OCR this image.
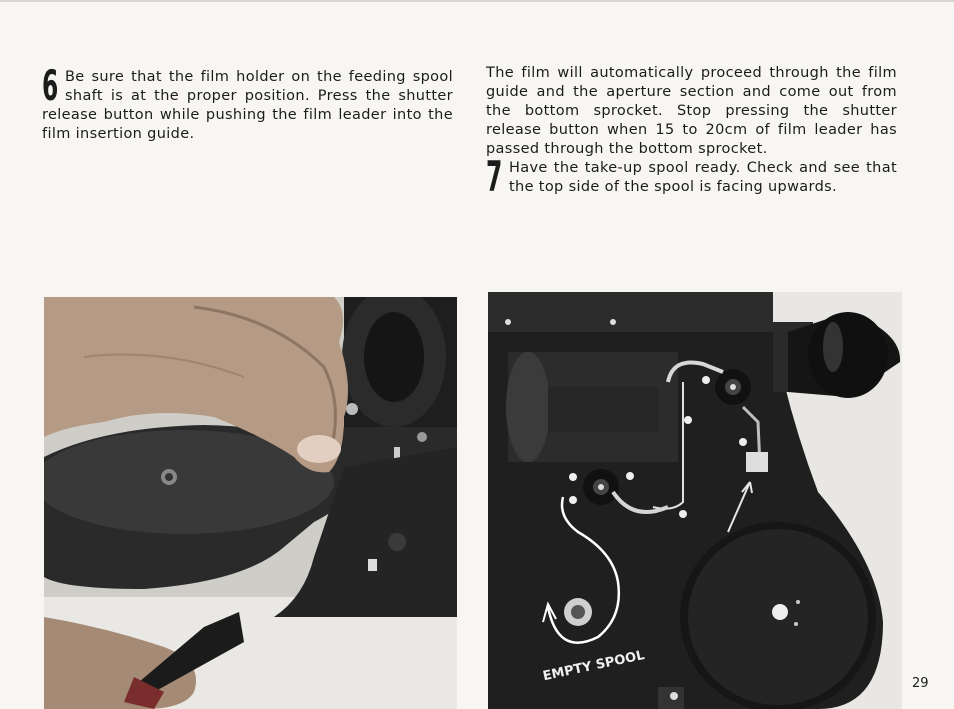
6 Be sure that the film holder on the feeding spool shaft is at the proper position. Press the shutter release button while pushing the film leader into the film insertion guide.

The film will automatically proceed through the film guide and the aperture section and come out from the bottom sprocket. Stop pressing the shutter release button when 15 to 20cm of film leader has passed through the bottom sprocket.

7 Have the take-up spool ready. Check and see that the top side of the spool is facing upwards.

EMPTY SPOOL	29
